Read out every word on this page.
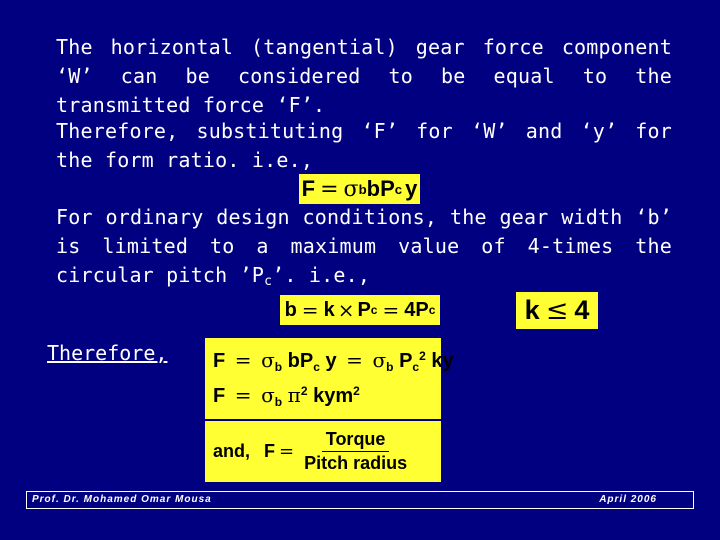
The horizontal (tangential) gear force component ‘W’ can be considered to be equal to the transmitted force ‘F’.
Therefore, substituting ‘F’ for ‘W’ and ‘y’ for the form ratio. i.e.,
F = σ b bP c y
For ordinary design conditions, the gear width ‘b’ is limited to a maximum value of 4-times the circular pitch $’P_c$’. i.e.,
b = k × P c = 4P c	k ≤ 4
Therefore, $F = \sigma_b$ $bP_c$ $y = \sigma_b$ $P_c^2$ ky
$F = \sigma_b$ $\pi^2$ kym$^2$
and, $F = \frac{\text{Torque}}{\text{Pitch radius}}$
Prof. Dr. Mohamed Omar Mousa	April 2006
